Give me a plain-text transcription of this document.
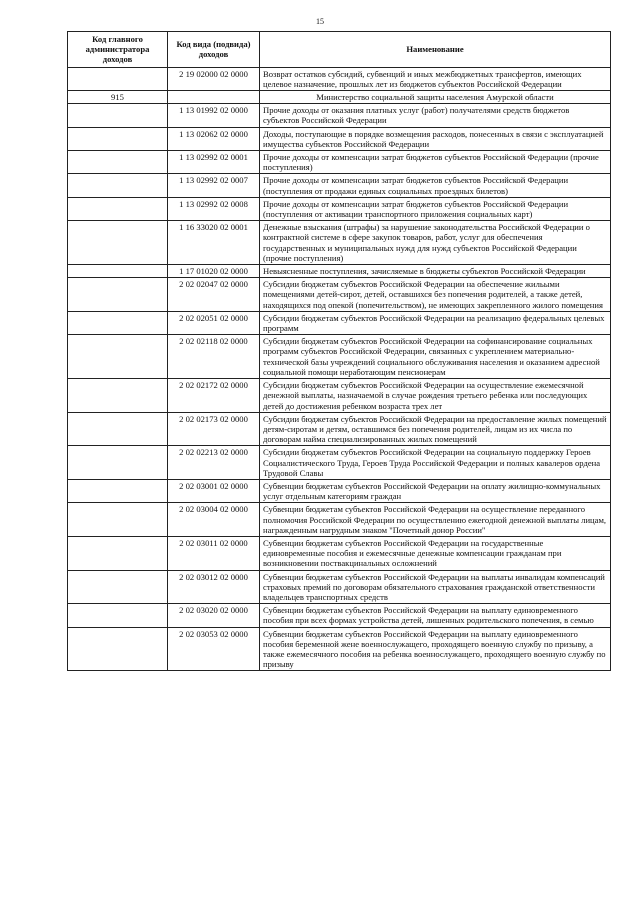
15
Код главного администратора доходов	Код вида (подвида) доходов	Наименование
	2 19 02000 02 0000	Возврат остатков субсидий, субвенций и иных межбюджетных трансфертов, имеющих целевое назначение, прошлых лет из бюджетов субъектов Российской Федерации
915		Министерство социальной защиты населения Амурской области
	1 13 01992 02 0000	Прочие доходы от оказания платных услуг (работ) получателями средств бюджетов субъектов Российской Федерации
	1 13 02062 02 0000	Доходы, поступающие в порядке возмещения расходов, понесенных в связи с эксплуатацией имущества субъектов Российской Федерации
	1 13 02992 02 0001	Прочие доходы от компенсации затрат бюджетов субъектов Российской Федерации (прочие поступления)
	1 13 02992 02 0007	Прочие доходы от компенсации затрат бюджетов субъектов Российской Федерации (поступления от продажи единых социальных проездных билетов)
	1 13 02992 02 0008	Прочие доходы от компенсации затрат бюджетов субъектов Российской Федерации (поступления от активации транспортного приложения социальных карт)
	1 16 33020 02 0001	Денежные взыскания (штрафы) за нарушение законодательства Российской Федерации о контрактной системе в сфере закупок товаров, работ, услуг для обеспечения государственных и муниципальных нужд для нужд субъектов Российской Федерации (прочие поступления)
	1 17 01020 02 0000	Невыясненные поступления, зачисляемые в бюджеты субъектов Российской Федерации
	2 02 02047 02 0000	Субсидии бюджетам субъектов Российской Федерации на обеспечение жильыми помещениями детей-сирот, детей, оставшихся без попечения родителей, а также детей, находящихся под опекой (попечительством), не имеющих закрепленного жилого помещения
	2 02 02051 02 0000	Субсидии бюджетам субъектов Российской Федерации на реализацию федеральных целевых программ
	2 02 02118 02 0000	Субсидии бюджетам субъектов Российской Федерации на софинансирование социальных программ субъектов Российской Федерации, связанных с укреплением материально-технической базы учреждений социального обслуживания населения и оказанием адресной социальной помощи неработающим пенсионерам
	2 02 02172 02 0000	Субсидии бюджетам субъектов Российской Федерации на осуществление ежемесячной денежной выплаты, назначаемой в случае рождения третьего ребенка или последующих детей до достижения ребенком возраста трех лет
	2 02 02173 02 0000	Субсидии бюджетам субъектов Российской Федерации на предоставление жилых помещений детям-сиротам и детям, оставшимся без попечения родителей, лицам из их числа по договорам найма специализированных жилых помещений
	2 02 02213 02 0000	Субсидии бюджетам субъектов Российской Федерации на социальную поддержку Героев Социалистического Труда, Героев Труда Российской Федерации и полных кавалеров ордена Трудовой Славы
	2 02 03001 02 0000	Субвенции бюджетам субъектов Российской Федерации на оплату жилищно-коммунальных услуг отдельным категориям граждан
	2 02 03004 02 0000	Субвенции бюджетам субъектов Российской Федерации на осуществление переданного полномочия Российской Федерации по осуществлению ежегодной денежной выплаты лицам, награжденным нагрудным знаком "Почетный донор России"
	2 02 03011 02 0000	Субвенции бюджетам субъектов Российской Федерации на государственные единовременные пособия и ежемесячные денежные компенсации гражданам при возникновении поствакцинальных осложнений
	2 02 03012 02 0000	Субвенции бюджетам субъектов Российской Федерации на выплаты инвалидам компенсаций страховых премий по договорам обязательного страхования гражданской ответственности владельцев транспортных средств
	2 02 03020 02 0000	Субвенции бюджетам субъектов Российской Федерации на выплату единовременного пособия при всех формах устройства детей, лишенных родительского попечения, в семью
	2 02 03053 02 0000	Субвенции бюджетам субъектов Российской Федерации на выплату единовременного пособия беременной жене военнослужащего, проходящего военную службу по призыву, а также ежемесячного пособия на ребенка военнослужащего, проходящего военную службу по призыву
